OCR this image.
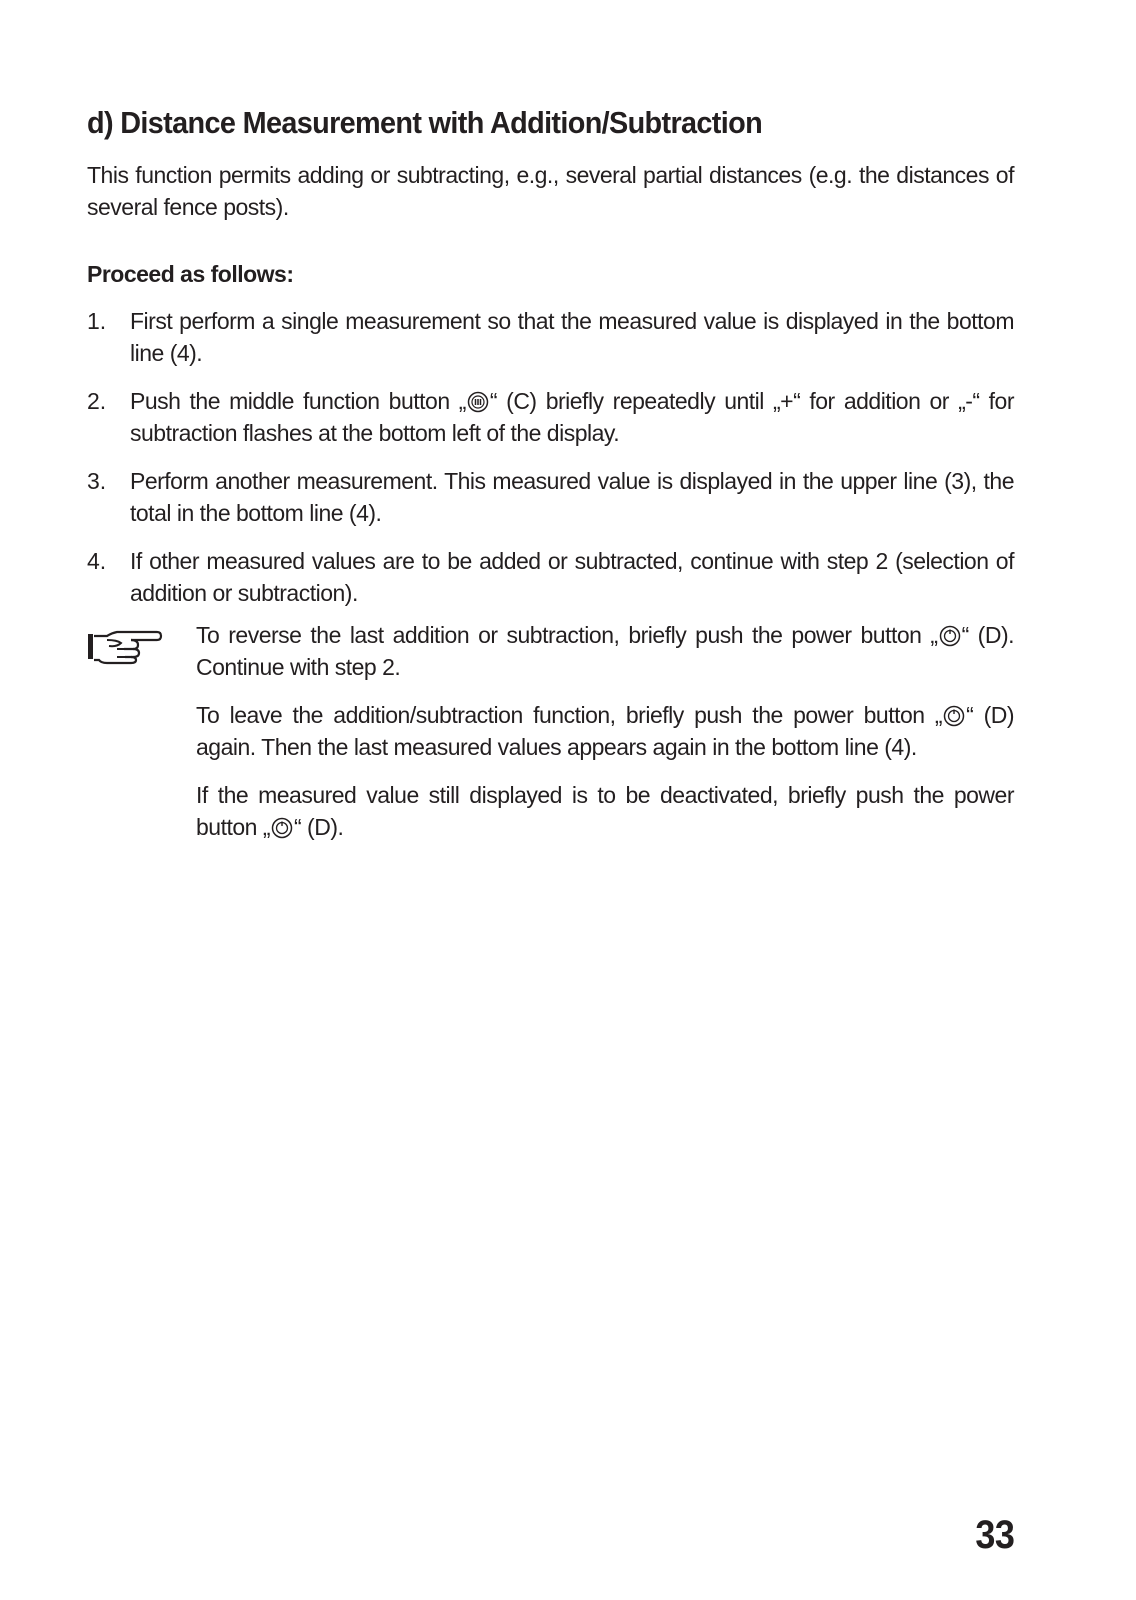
d) Distance Measurement with Addition/Subtraction

This function permits adding or subtracting, e.g., several partial distances (e.g. the distances of several fence posts).

Proceed as follows:

1.	First perform a single measurement so that the measured value is displayed in the bottom line (4).

2.	Push the middle function button „ “ (C) briefly repeatedly until „+“ for addition or „-“ for subtraction flashes at the bottom left of the display.

3.	Perform another measurement. This measured value is displayed in the upper line (3), the total in the bottom line (4).

4.	If other measured values are to be added or subtracted, continue with step 2 (selection of addition or subtraction).

To reverse the last addition or subtraction, briefly push the power button „ “ (D). Continue with step 2.

To leave the addition/subtraction function, briefly push the power button „ “ (D) again. Then the last measured values appears again in the bottom line (4).

If the measured value still displayed is to be deactivated, briefly push the power button „ “ (D).

33
